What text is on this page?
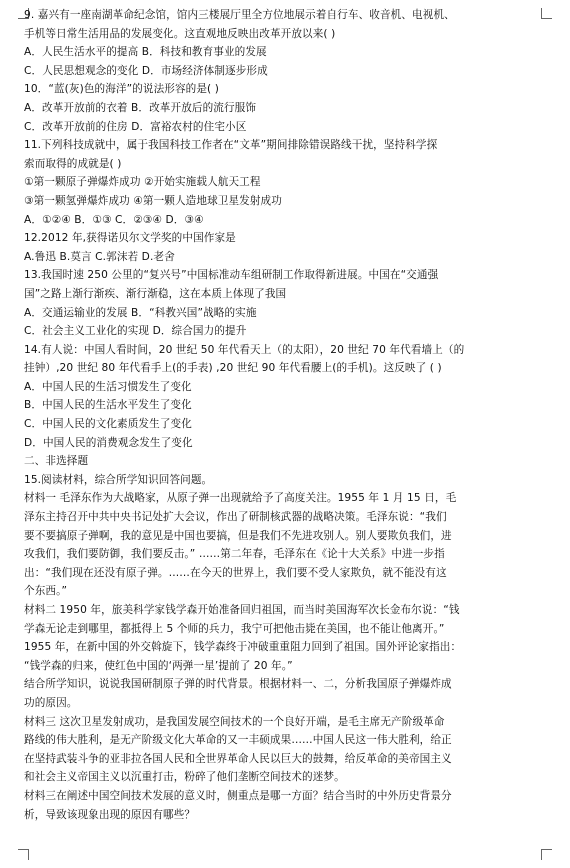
9. 嘉兴有一座南湖革命纪念馆，馆内三楼展厅里全方位地展示着自行车、收音机、电视机、
手机等日常生活用品的发展变化。这直观地反映出改革开放以来( )
A．人民生活水平的提高 B．科技和教育事业的发展
C．人民思想观念的变化 D．市场经济体制逐步形成
10．“蓝(灰)色的海洋”的说法形容的是( )
A．改革开放前的衣着 B．改革开放后的流行服饰
C．改革开放前的住房 D．富裕农村的住宅小区
11.下列科技成就中，属于我国科技工作者在“文革”期间排除错误路线干扰，坚持科学探
索而取得的成就是( )
①第一颗原子弹爆炸成功 ②开始实施载人航天工程
③第一颗氢弹爆炸成功 ④第一颗人造地球卫星发射成功
A．①②④ B．①③ C．②③④ D．③④
12.2012 年,获得诺贝尔文学奖的中国作家是
A.鲁迅 B.莫言 C.郭沫若 D.老舍
13.我国时速 250 公里的“复兴号”中国标准动车组研制工作取得新进展。中国在“交通强
国”之路上渐行渐疾、渐行渐稳，这在本质上体现了我国
A．交通运输业的发展 B．“科教兴国”战略的实施
C．社会主义工业化的实现 D．综合国力的提升
14.有人说：中国人看时间，20 世纪 50 年代看天上（的太阳），20 世纪 70 年代看墙上（的
挂钟）,20 世纪 80 年代看手上(的手表) ,20 世纪 90 年代看腰上(的手机)。这反映了 ( )
A．中国人民的生活习惯发生了变化
B．中国人民的生活水平发生了变化
C．中国人民的文化素质发生了变化
D．中国人民的消费观念发生了变化
二、非选择题
15.阅读材料，综合所学知识回答问题。
材料一 毛泽东作为大战略家，从原子弹一出现就给予了高度关注。1955 年 1 月 15 日，毛
泽东主持召开中共中央书记处扩大会议，作出了研制核武器的战略决策。毛泽东说：“我们
要不要搞原子弹啊，我的意见是中国也要搞，但是我们不先进攻别人。别人要欺负我们，进
攻我们，我们要防御，我们要反击。” ……第二年春，毛泽东在《论十大关系》中进一步指
出：“我们现在还没有原子弹。……在今天的世界上，我们要不受人家欺负，就不能没有这
个东西。”
材料二 1950 年，旅美科学家钱学森开始准备回归祖国，而当时美国海军次长金布尔说：“钱
学森无论走到哪里，都抵得上 5 个师的兵力，我宁可把他击毙在美国，也不能让他离开。”
1955 年，在新中国的外交斡旋下，钱学森终于冲破重重阻力回到了祖国。国外评论家指出：
“钱学森的归来，使红色中国的‘两弹一星’提前了 20 年。”
结合所学知识，说说我国研制原子弹的时代背景。根据材料一、二，分析我国原子弹爆炸成
功的原因。
材料三 这次卫星发射成功，是我国发展空间技术的一个良好开端，是毛主席无产阶级革命
路线的伟大胜利，是无产阶级文化大革命的又一丰硕成果……中国人民这一伟大胜利，给正
在坚持武装斗争的亚非拉各国人民和全世界革命人民以巨大的鼓舞，给反革命的美帝国主义
和社会主义帝国主义以沉重打击，粉碎了他们垄断空间技术的迷梦。
材料三在阐述中国空间技术发展的意义时，侧重点是哪一方面？结合当时的中外历史背景分
析，导致该现象出现的原因有哪些？
